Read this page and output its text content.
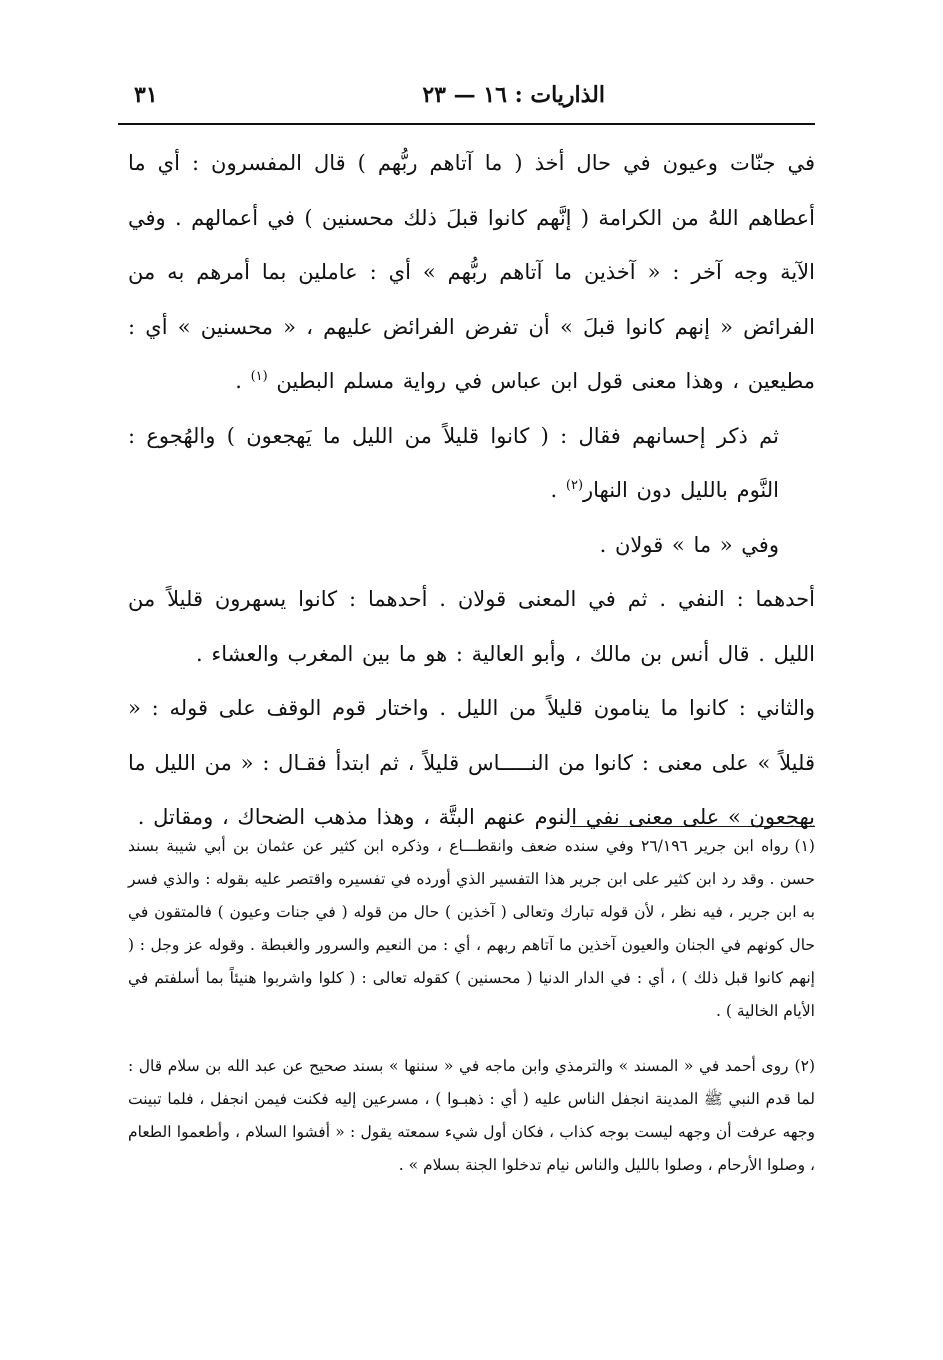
الذاريات : ١٦ — ٢٣
٣١

في جنّات وعيون في حال أخذ ( ما آتاهم ربُّهم ) قال المفسرون : أي ما أعطاهم اللهُ من الكرامة ( إنَّهم كانوا قبلَ ذلك محسنين ) في أعمالهم . وفي الآية وجه آخر : « آخذين ما آتاهم ربُّهم » أي : عاملين بما أمرهم به من الفرائض « إنهم كانوا قبلَ » أن تفرض الفرائض عليهم ، « محسنين » أي : مطيعين ، وهذا معنى قول ابن عباس في رواية مسلم البطين $^{(١)}$ .

ثم ذكر إحسانهم فقال : ( كانوا قليلاً من الليل ما يَهجعون ) والهُجوع : النَّوم بالليل دون النهار$^{(٢)}$ .

وفي « ما » قولان .

أحدهما : النفي . ثم في المعنى قولان . أحدهما : كانوا يسهرون قليلاً من الليل . قال أنس بن مالك ، وأبو العالية : هو ما بين المغرب والعشاء .

والثاني : كانوا ما ينامون قليلاً من الليل . واختار قوم الوقف على قوله : « قليلاً » على معنى : كانوا من النـــــاس قليلاً ، ثم ابتدأ فقـال : « من الليل ما يهجعون » على معنى نفي النوم عنهم البتَّة ، وهذا مذهب الضحاك ، ومقاتل .

(١)رواه ابن جرير ٢٦/١٩٦ وفي سنده ضعف وانقطـــاع ، وذكره ابن كثير عن عثمان بن أبي شيبة بسند حسن . وقد رد ابن كثير على ابن جرير هذا التفسير الذي أورده في تفسيره واقتصر عليه بقوله : والذي فسر به ابن جرير ، فيه نظر ، لأن قوله تبارك وتعالى ( آخذين ) حال من قوله ( في جنات وعيون ) فالمتقون في حال كونهم في الجنان والعيون آخذين ما آتاهم ربهم ، أي : من النعيم والسرور والغبطة . وقوله عز وجل : ( إنهم كانوا قبل ذلك ) ، أي : في الدار الدنيا ( محسنين ) كقوله تعالى : ( كلوا واشربوا هنيئاً بما أسلفتم في الأيام الخالية ) .

(٢)روى أحمد في « المسند » والترمذي وابن ماجه في « سننها » بسند صحيح عن عبد الله بن سلام قال : لما قدم النبي ﷺ المدينة انجفل الناس عليه ( أي : ذهبـوا ) ، مسرعين إليه فكنت فيمن انجفل ، فلما تبينت وجهه عرفت أن وجهه ليست بوجه كذاب ، فكان أول شيء سمعته يقول : « أفشوا السلام ، وأطعموا الطعام ، وصلوا الأرحام ، وصلوا بالليل والناس نيام تدخلوا الجنة بسلام » .
